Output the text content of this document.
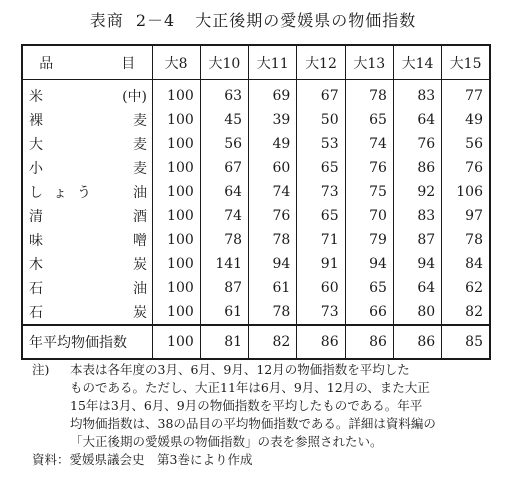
表商 2－4 大正後期の愛媛県の物価指数
品 目	大8	大10	大11	大12	大13	大14	大15

米 (中)	100	63	69	67	78	83	77

裸 麦	100	45	39	50	65	64	49

大 麦	100	56	49	53	74	76	56

小 麦	100	67	60	65	76	86	76

しょう 油	100	64	74	73	75	92	106

清 酒	100	74	76	65	70	83	97

味 噌	100	78	78	71	79	87	78

木 炭	100	141	94	91	94	94	84

石 油	100	87	61	60	65	64	62

石 炭	100	61	78	73	66	80	82
年平均物価指数	100	81	82	86	86	86	85
注)	本表は各年度の3月、6月、9月、12月の物価指数を平均した
ものである。ただし、大正11年は6月、9月、12月の、また大正
15年は3月、6月、9月の物価指数を平均したものである。年平
均物価指数は、38の品目の平均物価指数である。詳細は資料編の
「大正後期の愛媛県の物価指数」の表を参照されたい。
資料：愛媛県議会史　第3巻により作成
